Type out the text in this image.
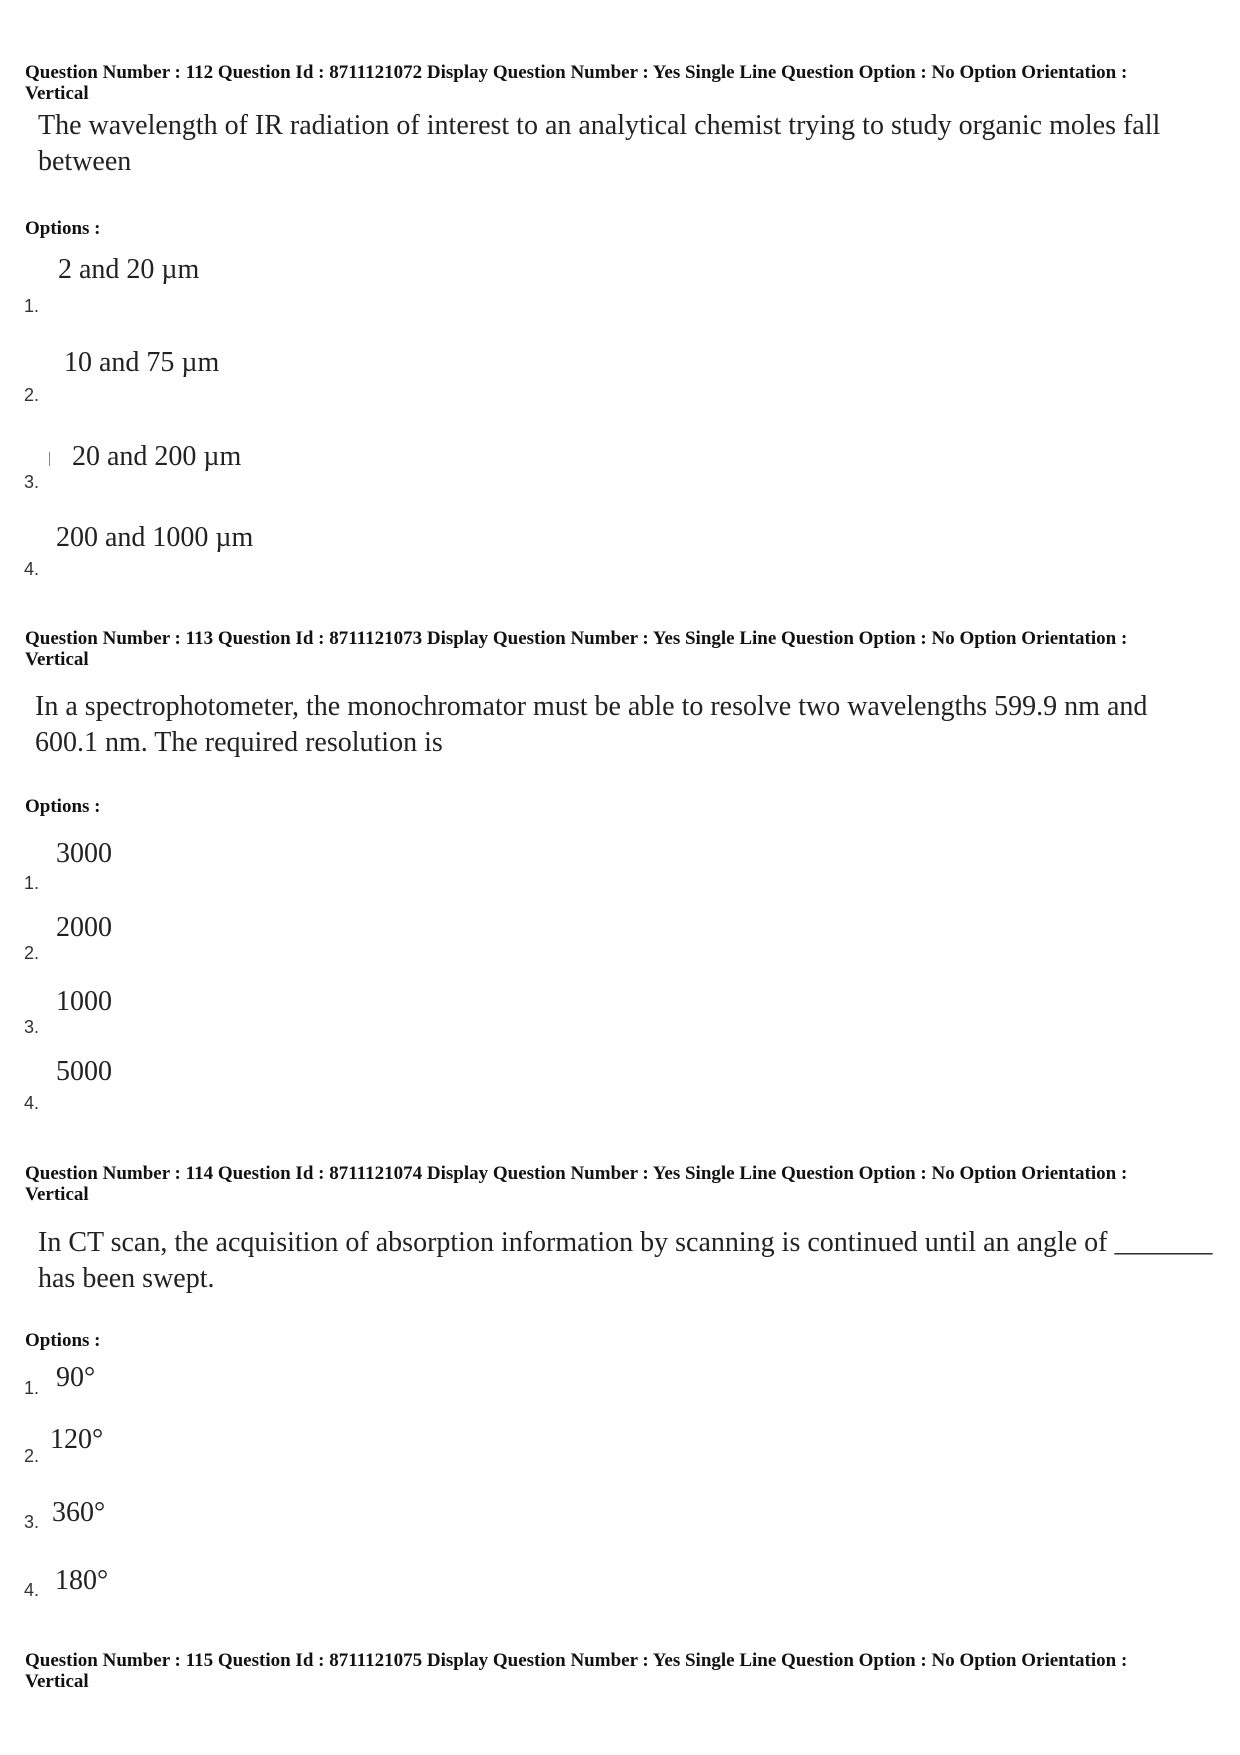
Question Number : 112 Question Id : 8711121072 Display Question Number : Yes Single Line Question Option : No Option Orientation : Vertical
The wavelength of IR radiation of interest to an analytical chemist trying to study organic moles fall between
Options :
2 and 20 µm
1.
10 and 75 µm
2.
20 and 200 µm
3.
200 and 1000 µm
4.
Question Number : 113 Question Id : 8711121073 Display Question Number : Yes Single Line Question Option : No Option Orientation : Vertical
In a spectrophotometer, the monochromator must be able to resolve two wavelengths 599.9 nm and 600.1 nm. The required resolution is
Options :
3000
1.
2000
2.
1000
3.
5000
4.
Question Number : 114 Question Id : 8711121074 Display Question Number : Yes Single Line Question Option : No Option Orientation : Vertical
In CT scan, the acquisition of absorption information by scanning is continued until an angle of _______ has been swept.
Options :
90°
1.
120°
2.
360°
3.
180°
4.
Question Number : 115 Question Id : 8711121075 Display Question Number : Yes Single Line Question Option : No Option Orientation : Vertical
